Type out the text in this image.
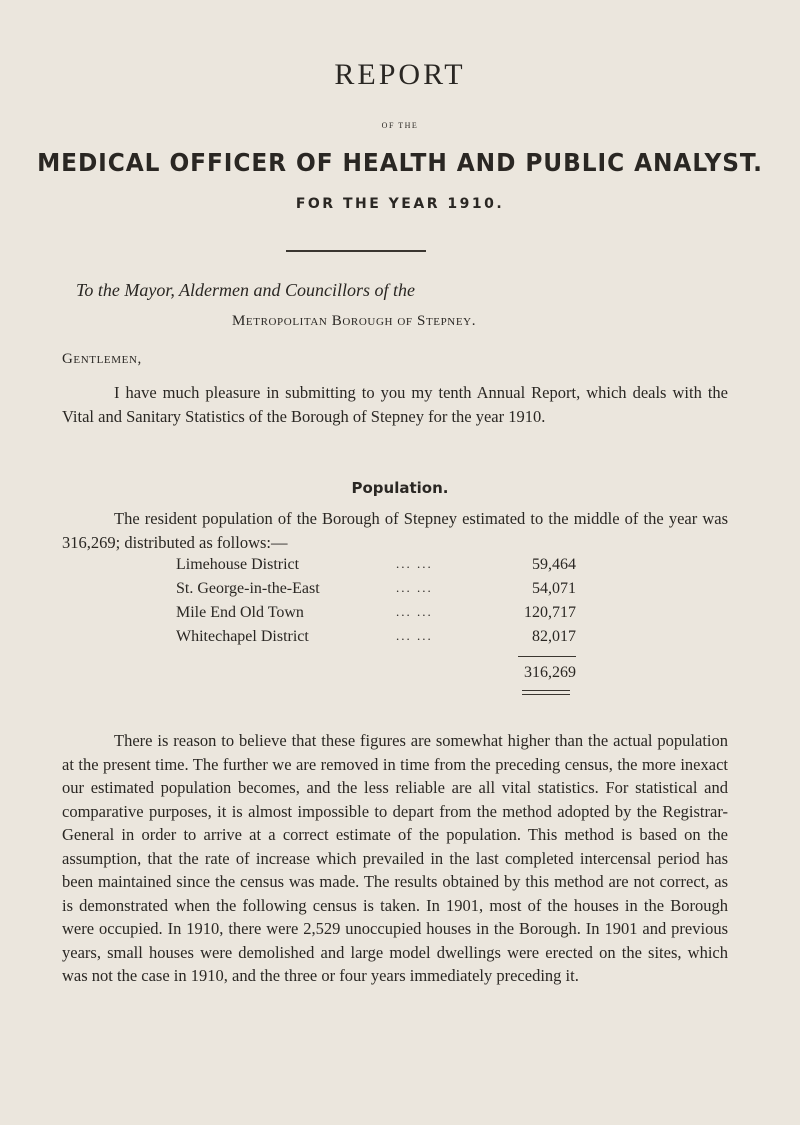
REPORT
OF THE
MEDICAL OFFICER OF HEALTH AND PUBLIC ANALYST.
FOR THE YEAR 1910.
To the Mayor, Aldermen and Councillors of the
Metropolitan Borough of Stepney.
Gentlemen,
I have much pleasure in submitting to you my tenth Annual Report, which deals with the Vital and Sanitary Statistics of the Borough of Stepney for the year 1910.
Population.
The resident population of the Borough of Stepney estimated to the middle of the year was 316,269; distributed as follows:—
Limehouse District	... ...	59,464
St. George-in-the-East	... ...	54,071
Mile End Old Town	... ...	120,717
Whitechapel District	... ...	82,017
316,269
There is reason to believe that these figures are somewhat higher than the actual population at the present time. The further we are removed in time from the preceding census, the more inexact our estimated population becomes, and the less reliable are all vital statistics. For statistical and comparative purposes, it is almost impossible to depart from the method adopted by the Registrar-General in order to arrive at a correct estimate of the population. This method is based on the assumption, that the rate of increase which prevailed in the last completed intercensal period has been maintained since the census was made. The results obtained by this method are not correct, as is demonstrated when the following census is taken. In 1901, most of the houses in the Borough were occupied. In 1910, there were 2,529 unoccupied houses in the Borough. In 1901 and previous years, small houses were demolished and large model dwellings were erected on the sites, which was not the case in 1910, and the three or four years immediately preceding it.
